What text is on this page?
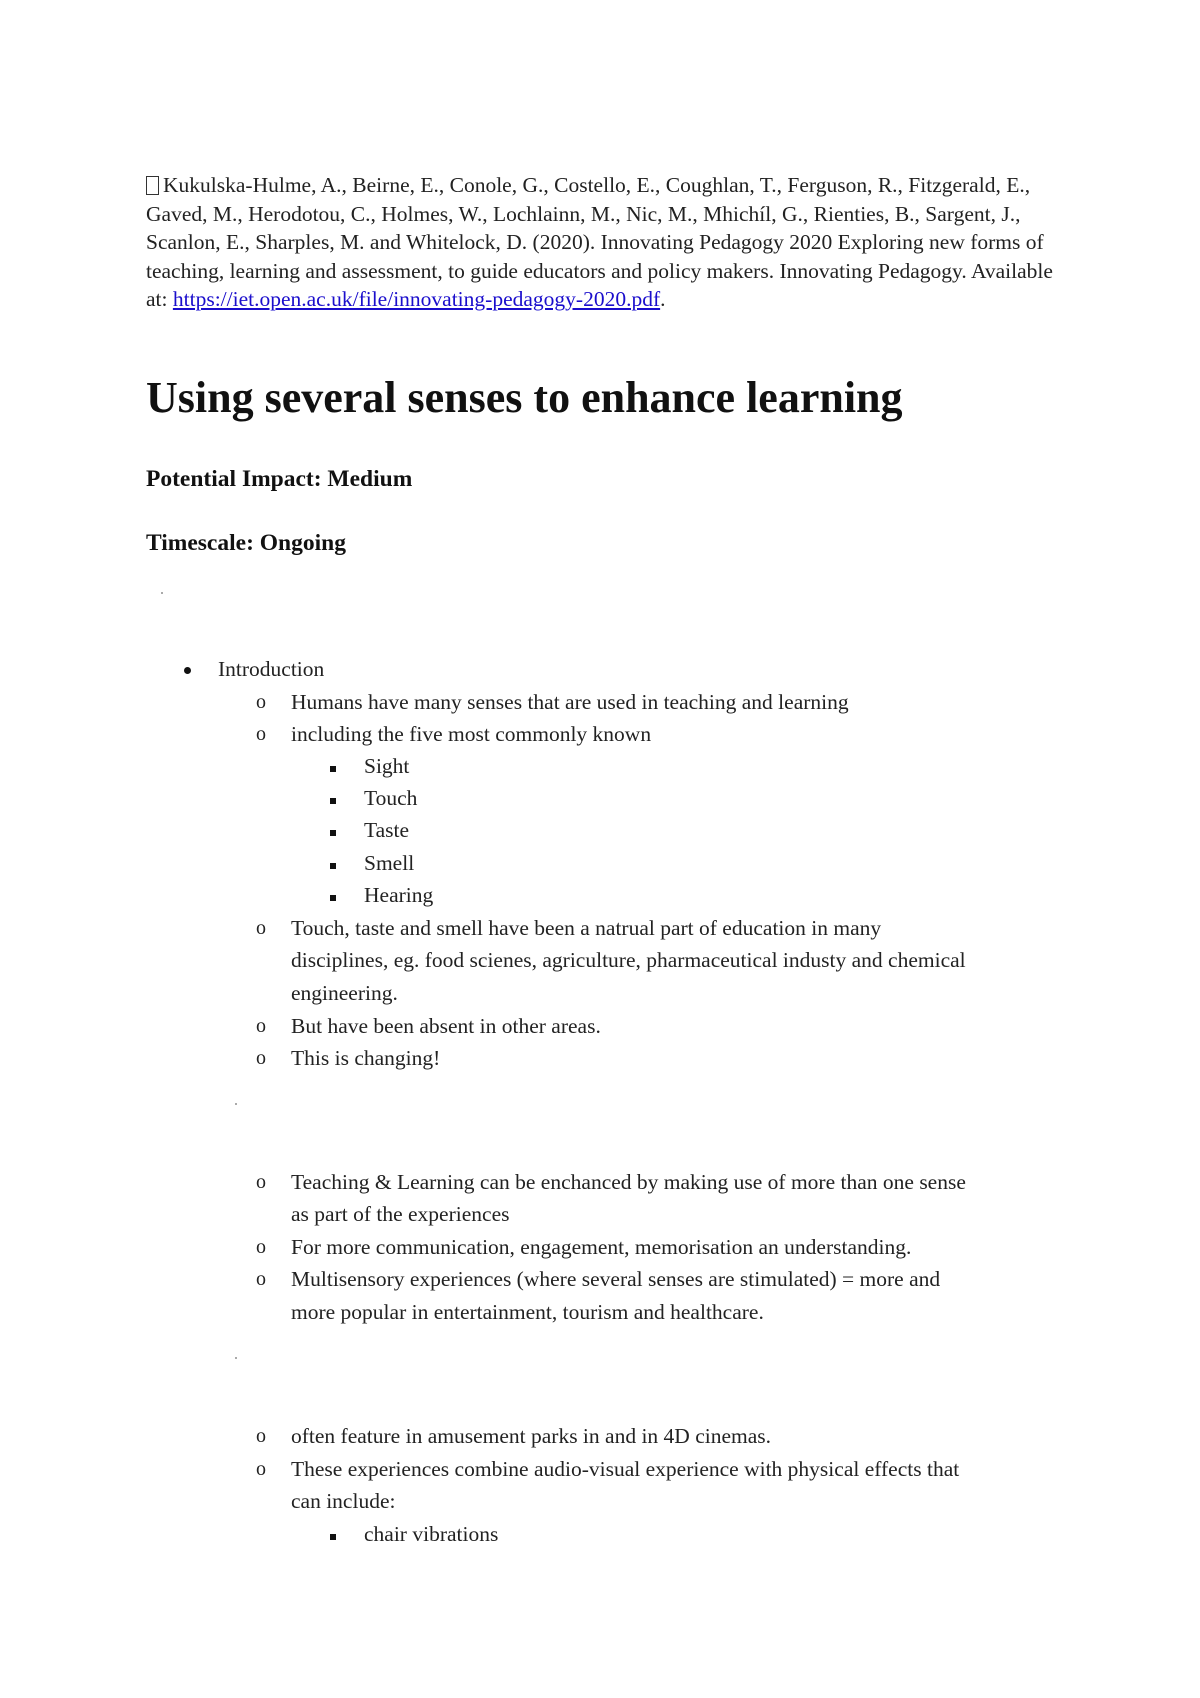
Kukulska-Hulme, A., Beirne, E., Conole, G., Costello, E., Coughlan, T., Ferguson, R., Fitzgerald, E., Gaved, M., Herodotou, C., Holmes, W., Lochlainn, M., Nic, M., Mhichíl, G., Rienties, B., Sargent, J., Scanlon, E., Sharples, M. and Whitelock, D. (2020). Innovating Pedagogy 2020 Exploring new forms of teaching, learning and assessment, to guide educators and policy makers. Innovating Pedagogy. Available at: https://iet.open.ac.uk/file/innovating-pedagogy-2020.pdf.
Using several senses to enhance learning

Potential Impact: Medium

Timescale: Ongoing

Introduction
o Humans have many senses that are used in teaching and learning
o including the five most commonly known
Sight
Touch
Taste
Smell
Hearing
o Touch, taste and smell have been a natrual part of education in many
disciplines, eg. food scienes, agriculture, pharmaceutical industy and chemical
engineering.
o But have been absent in other areas.
o This is changing!
o Teaching & Learning can be enchanced by making use of more than one sense
as part of the experiences
o For more communication, engagement, memorisation an understanding.
o Multisensory experiences (where several senses are stimulated) = more and
more popular in entertainment, tourism and healthcare.
o often feature in amusement parks in and in 4D cinemas.
o These experiences combine audio-visual experience with physical effects that
can include:
chair vibrations
